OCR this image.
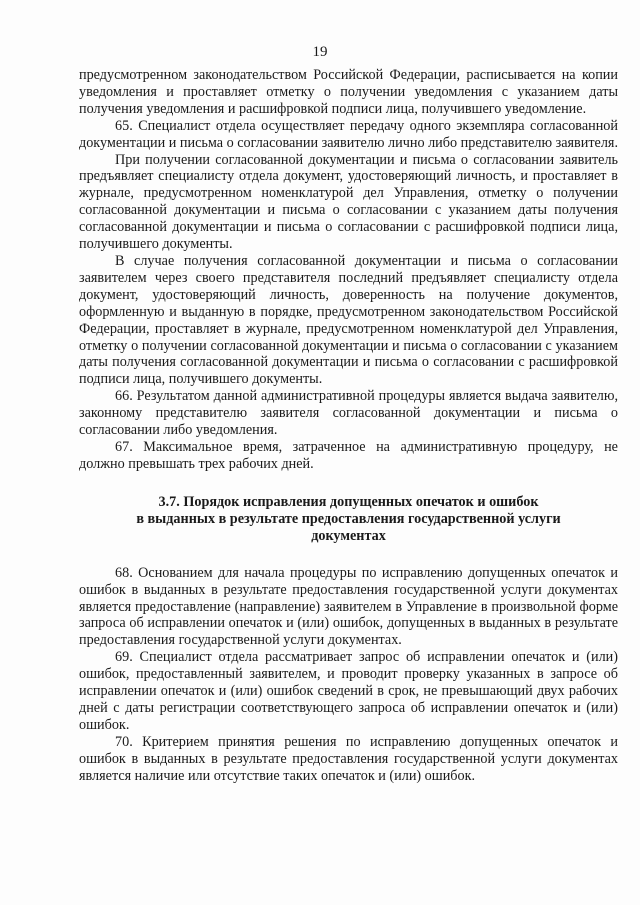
19

предусмотренном законодательством Российской Федерации, расписывается на копии уведомления и проставляет отметку о получении уведомления с указанием даты получения уведомления и расшифровкой подписи лица, получившего уведомление.

65. Специалист отдела осуществляет передачу одного экземпляра согласованной документации и письма о согласовании заявителю лично либо представителю заявителя.

При получении согласованной документации и письма о согласовании заявитель предъявляет специалисту отдела документ, удостоверяющий личность, и проставляет в журнале, предусмотренном номенклатурой дел Управления, отметку о получении согласованной документации и письма о согласовании с указанием даты получения согласованной документации и письма о согласовании с расшифровкой подписи лица, получившего документы.

В случае получения согласованной документации и письма о согласовании заявителем через своего представителя последний предъявляет специалисту отдела документ, удостоверяющий личность, доверенность на получение документов, оформленную и выданную в порядке, предусмотренном законодательством Российской Федерации, проставляет в журнале, предусмотренном номенклатурой дел Управления, отметку о получении согласованной документации и письма о согласовании с указанием даты получения согласованной документации и письма о согласовании с расшифровкой подписи лица, получившего документы.

66. Результатом данной административной процедуры является выдача заявителю, законному представителю заявителя согласованной документации и письма о согласовании либо уведомления.

67. Максимальное время, затраченное на административную процедуру, не должно превышать трех рабочих дней.

3.7. Порядок исправления допущенных опечаток и ошибок
в выданных в результате предоставления государственной услуги
документах

68. Основанием для начала процедуры по исправлению допущенных опечаток и ошибок в выданных в результате предоставления государственной услуги документах является предоставление (направление) заявителем в Управление в произвольной форме запроса об исправлении опечаток и (или) ошибок, допущенных в выданных в результате предоставления государственной услуги документах.

69. Специалист отдела рассматривает запрос об исправлении опечаток и (или) ошибок, предоставленный заявителем, и проводит проверку указанных в запросе об исправлении опечаток и (или) ошибок сведений в срок, не превышающий двух рабочих дней с даты регистрации соответствующего запроса об исправлении опечаток и (или) ошибок.

70. Критерием принятия решения по исправлению допущенных опечаток и ошибок в выданных в результате предоставления государственной услуги документах является наличие или отсутствие таких опечаток и (или) ошибок.
